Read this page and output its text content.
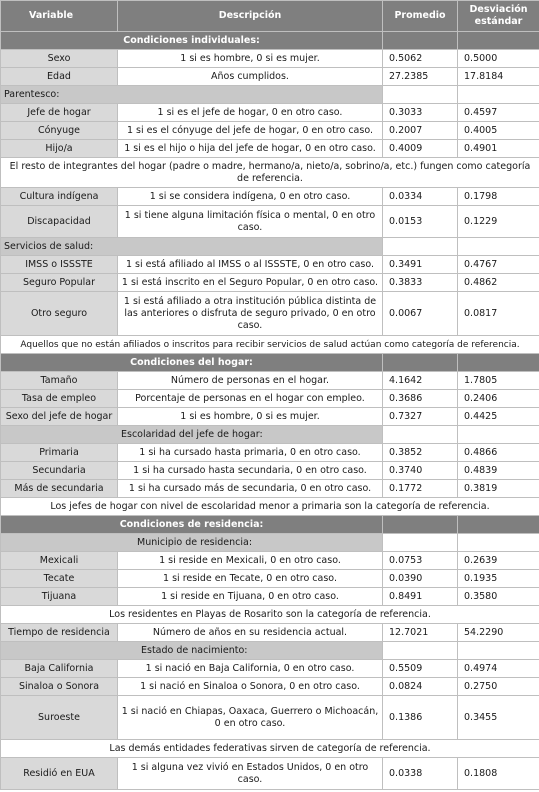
Variable	Descripción	Promedio	Desviación estándar
Condiciones individuales:			
Sexo	1 si es hombre, 0 si es mujer.	0.5062	0.5000
Edad	Años cumplidos.	27.2385	17.8184
Parentesco:			
Jefe de hogar	1 si es el jefe de hogar, 0 en otro caso.	0.3033	0.4597
Cónyuge	1 si es el cónyuge del jefe de hogar, 0 en otro caso.	0.2007	0.4005
Hijo/a	1 si es el hijo o hija del jefe de hogar, 0 en otro caso.	0.4009	0.4901
El resto de integrantes del hogar (padre o madre, hermano/a, nieto/a, sobrino/a, etc.) fungen como categoría de referencia.			
Cultura indígena	1 si se considera indígena, 0 en otro caso.	0.0334	0.1798
Discapacidad	1 si tiene alguna limitación física o mental, 0 en otro caso.	0.0153	0.1229
Servicios de salud:			
IMSS o ISSSTE	1 si está afiliado al IMSS o al ISSSTE, 0 en otro caso.	0.3491	0.4767
Seguro Popular	1 si está inscrito en el Seguro Popular, 0 en otro caso.	0.3833	0.4862
Otro seguro	1 si está afiliado a otra institución pública distinta de las anteriores o disfruta de seguro privado, 0 en otro caso.	0.0067	0.0817
Aquellos que no están afiliados o inscritos para recibir servicios de salud actúan como categoría de referencia.			
Condiciones del hogar:			
Tamaño	Número de personas en el hogar.	4.1642	1.7805
Tasa de empleo	Porcentaje de personas en el hogar con empleo.	0.3686	0.2406
Sexo del jefe de hogar	1 si es hombre, 0 si es mujer.	0.7327	0.4425
Escolaridad del jefe de hogar:			
Primaria	1 si ha cursado hasta primaria, 0 en otro caso.	0.3852	0.4866
Secundaria	1 si ha cursado hasta secundaria, 0 en otro caso.	0.3740	0.4839
Más de secundaria	1 si ha cursado más de secundaria, 0 en otro caso.	0.1772	0.3819
Los jefes de hogar con nivel de escolaridad menor a primaria son la categoría de referencia.			
Condiciones de residencia:			
Municipio de residencia:			
Mexicali	1 si reside en Mexicali, 0 en otro caso.	0.0753	0.2639
Tecate	1 si reside en Tecate, 0 en otro caso.	0.0390	0.1935
Tijuana	1 si reside en Tijuana, 0 en otro caso.	0.8491	0.3580
Los residentes en Playas de Rosarito son la categoría de referencia.			
Tiempo de residencia	Número de años en su residencia actual.	12.7021	54.2290
Estado de nacimiento:			
Baja California	1 si nació en Baja California, 0 en otro caso.	0.5509	0.4974
Sinaloa o Sonora	1 si nació en Sinaloa o Sonora, 0 en otro caso.	0.0824	0.2750
Suroeste	1 si nació en Chiapas, Oaxaca, Guerrero o Michoacán, 0 en otro caso.	0.1386	0.3455
Las demás entidades federativas sirven de categoría de referencia.			
Residió en EUA	1 si alguna vez vivió en Estados Unidos, 0 en otro caso.	0.0338	0.1808
